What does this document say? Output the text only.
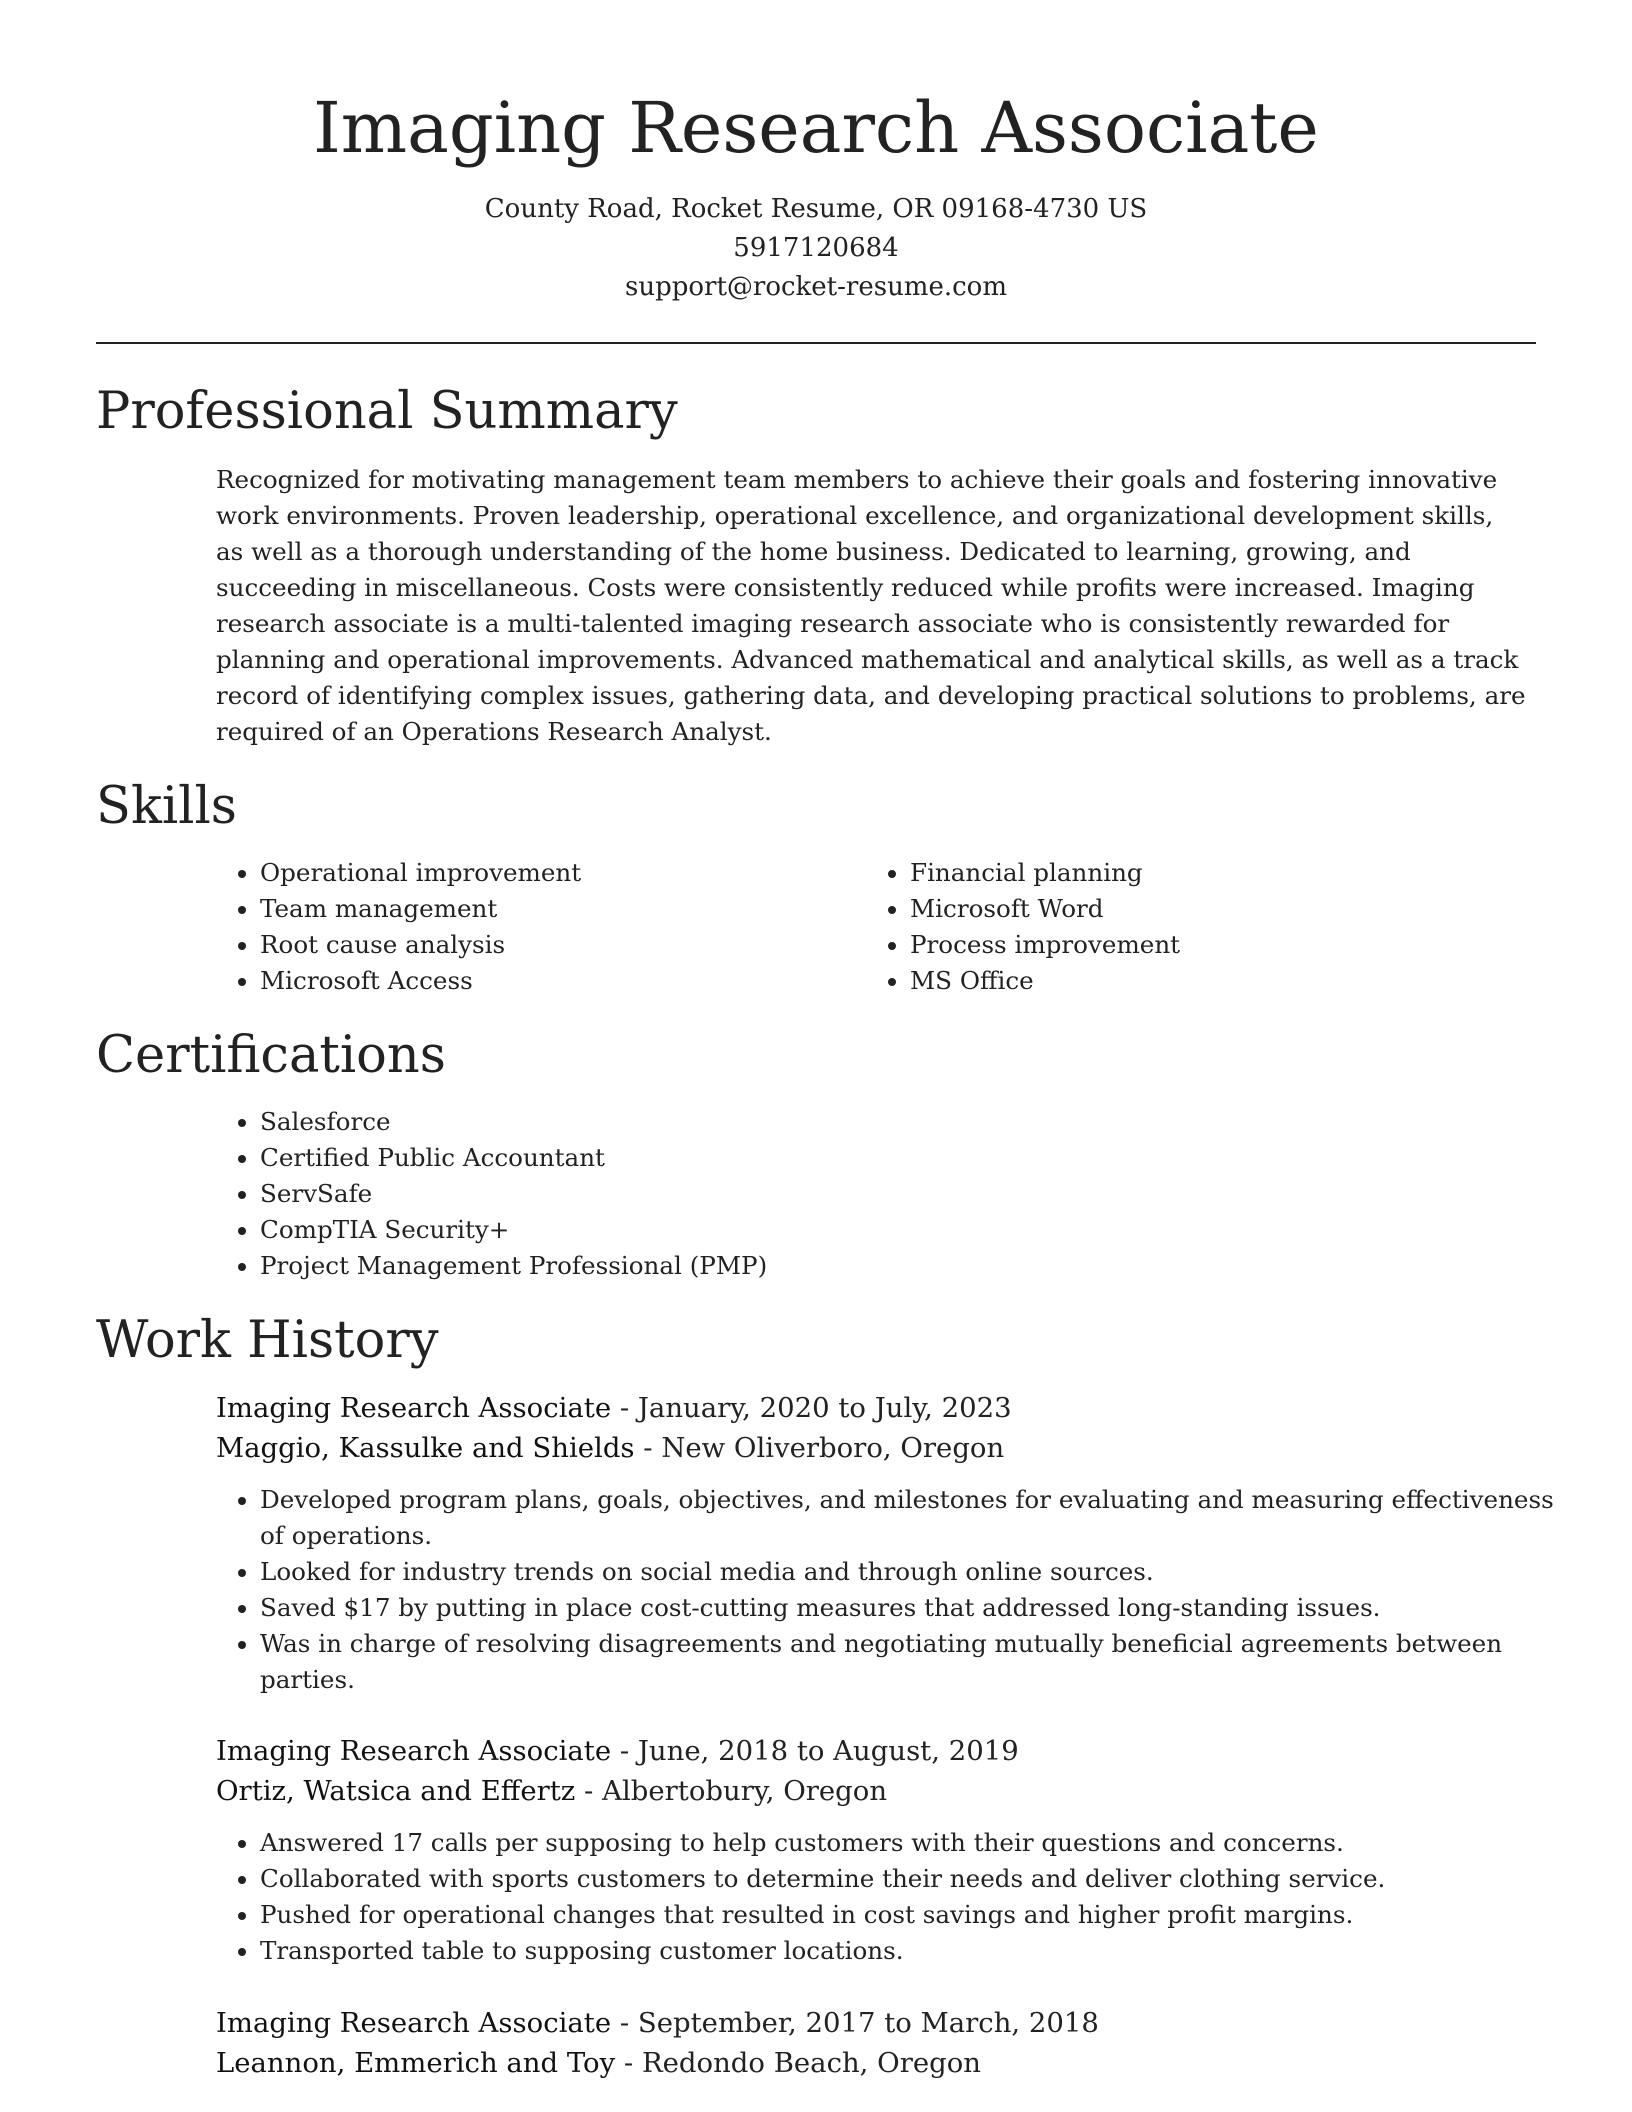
Imaging Research Associate
County Road, Rocket Resume, OR 09168-4730 US
5917120684
support@rocket-resume.com
Professional Summary

Recognized for motivating management team members to achieve their goals and fostering innovative work environments. Proven leadership, operational excellence, and organizational development skills, as well as a thorough understanding of the home business. Dedicated to learning, growing, and succeeding in miscellaneous. Costs were consistently reduced while profits were increased. Imaging research associate is a multi-talented imaging research associate who is consistently rewarded for planning and operational improvements. Advanced mathematical and analytical skills, as well as a track record of identifying complex issues, gathering data, and developing practical solutions to problems, are required of an Operations Research Analyst.

Skills
• Operational improvement
• Team management
• Root cause analysis
• Microsoft Access
• Financial planning
• Microsoft Word
• Process improvement
• MS Office
Certifications
• Salesforce
• Certified Public Accountant
• ServSafe
• CompTIA Security+
• Project Management Professional (PMP)
Work History
Imaging Research Associate - January, 2020 to July, 2023
Maggio, Kassulke and Shields - New Oliverboro, Oregon
• Developed program plans, goals, objectives, and milestones for evaluating and measuring effectiveness of operations.
• Looked for industry trends on social media and through online sources.
• Saved $17 by putting in place cost-cutting measures that addressed long-standing issues.
• Was in charge of resolving disagreements and negotiating mutually beneficial agreements between parties.
Imaging Research Associate - June, 2018 to August, 2019
Ortiz, Watsica and Effertz - Albertobury, Oregon
• Answered 17 calls per supposing to help customers with their questions and concerns.
• Collaborated with sports customers to determine their needs and deliver clothing service.
• Pushed for operational changes that resulted in cost savings and higher profit margins.
• Transported table to supposing customer locations.
Imaging Research Associate - September, 2017 to March, 2018
Leannon, Emmerich and Toy - Redondo Beach, Oregon
